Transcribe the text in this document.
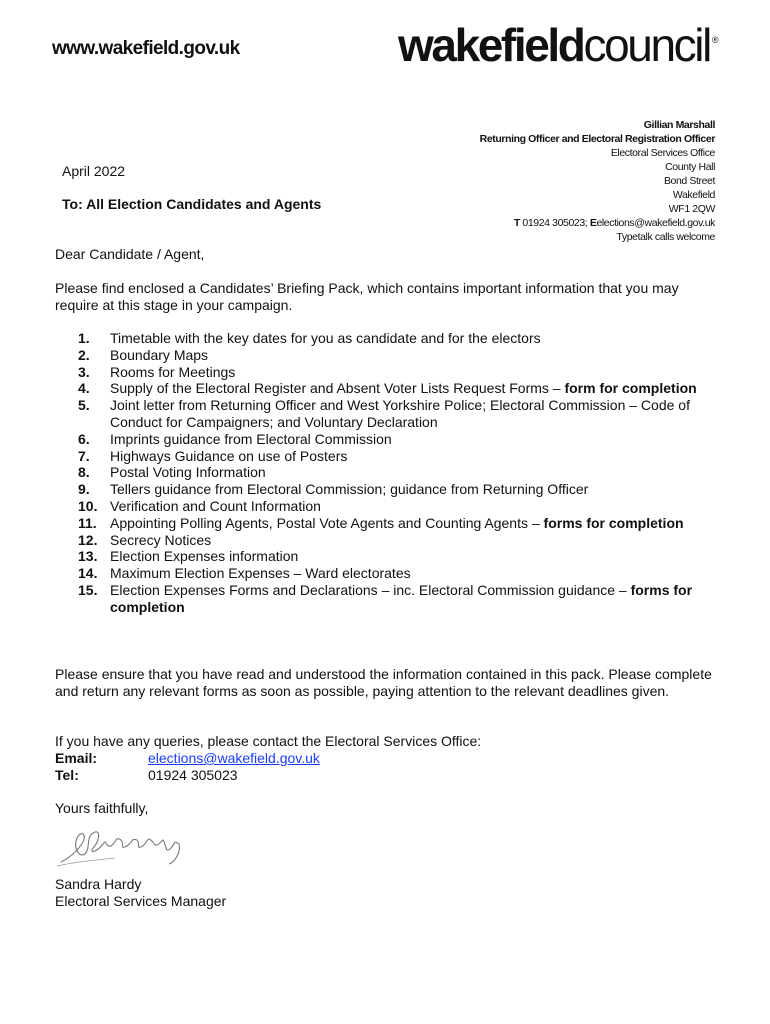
www.wakefield.gov.uk	wakefieldcouncil ®
Gillian Marshall
Returning Officer and Electoral Registration Officer
Electoral Services Office
County Hall
Bond Street
Wakefield
WF1 2QW
T 01924 305023; Eelections@wakefield.gov.uk
Typetalk calls welcome
April 2022
To: All Election Candidates and Agents
Dear Candidate / Agent,
Please find enclosed a Candidates’ Briefing Pack, which contains important information that you may require at this stage in your campaign.
1.	Timetable with the key dates for you as candidate and for the electors
2.	Boundary Maps
3.	Rooms for Meetings
4.	Supply of the Electoral Register and Absent Voter Lists Request Forms – form for completion
5.	Joint letter from Returning Officer and West Yorkshire Police; Electoral Commission – Code of Conduct for Campaigners; and Voluntary Declaration
6.	Imprints guidance from Electoral Commission
7.	Highways Guidance on use of Posters
8.	Postal Voting Information
9.	Tellers guidance from Electoral Commission; guidance from Returning Officer
10. Verification and Count Information
11. Appointing Polling Agents, Postal Vote Agents and Counting Agents – forms for completion
12. Secrecy Notices
13. Election Expenses information
14. Maximum Election Expenses – Ward electorates
15. Election Expenses Forms and Declarations – inc. Electoral Commission guidance – forms for completion
Please ensure that you have read and understood the information contained in this pack. Please complete and return any relevant forms as soon as possible, paying attention to the relevant deadlines given.
If you have any queries, please contact the Electoral Services Office:
Email:	elections@wakefield.gov.uk
Tel:	01924 305023
Yours faithfully,
Sandra Hardy
Electoral Services Manager
